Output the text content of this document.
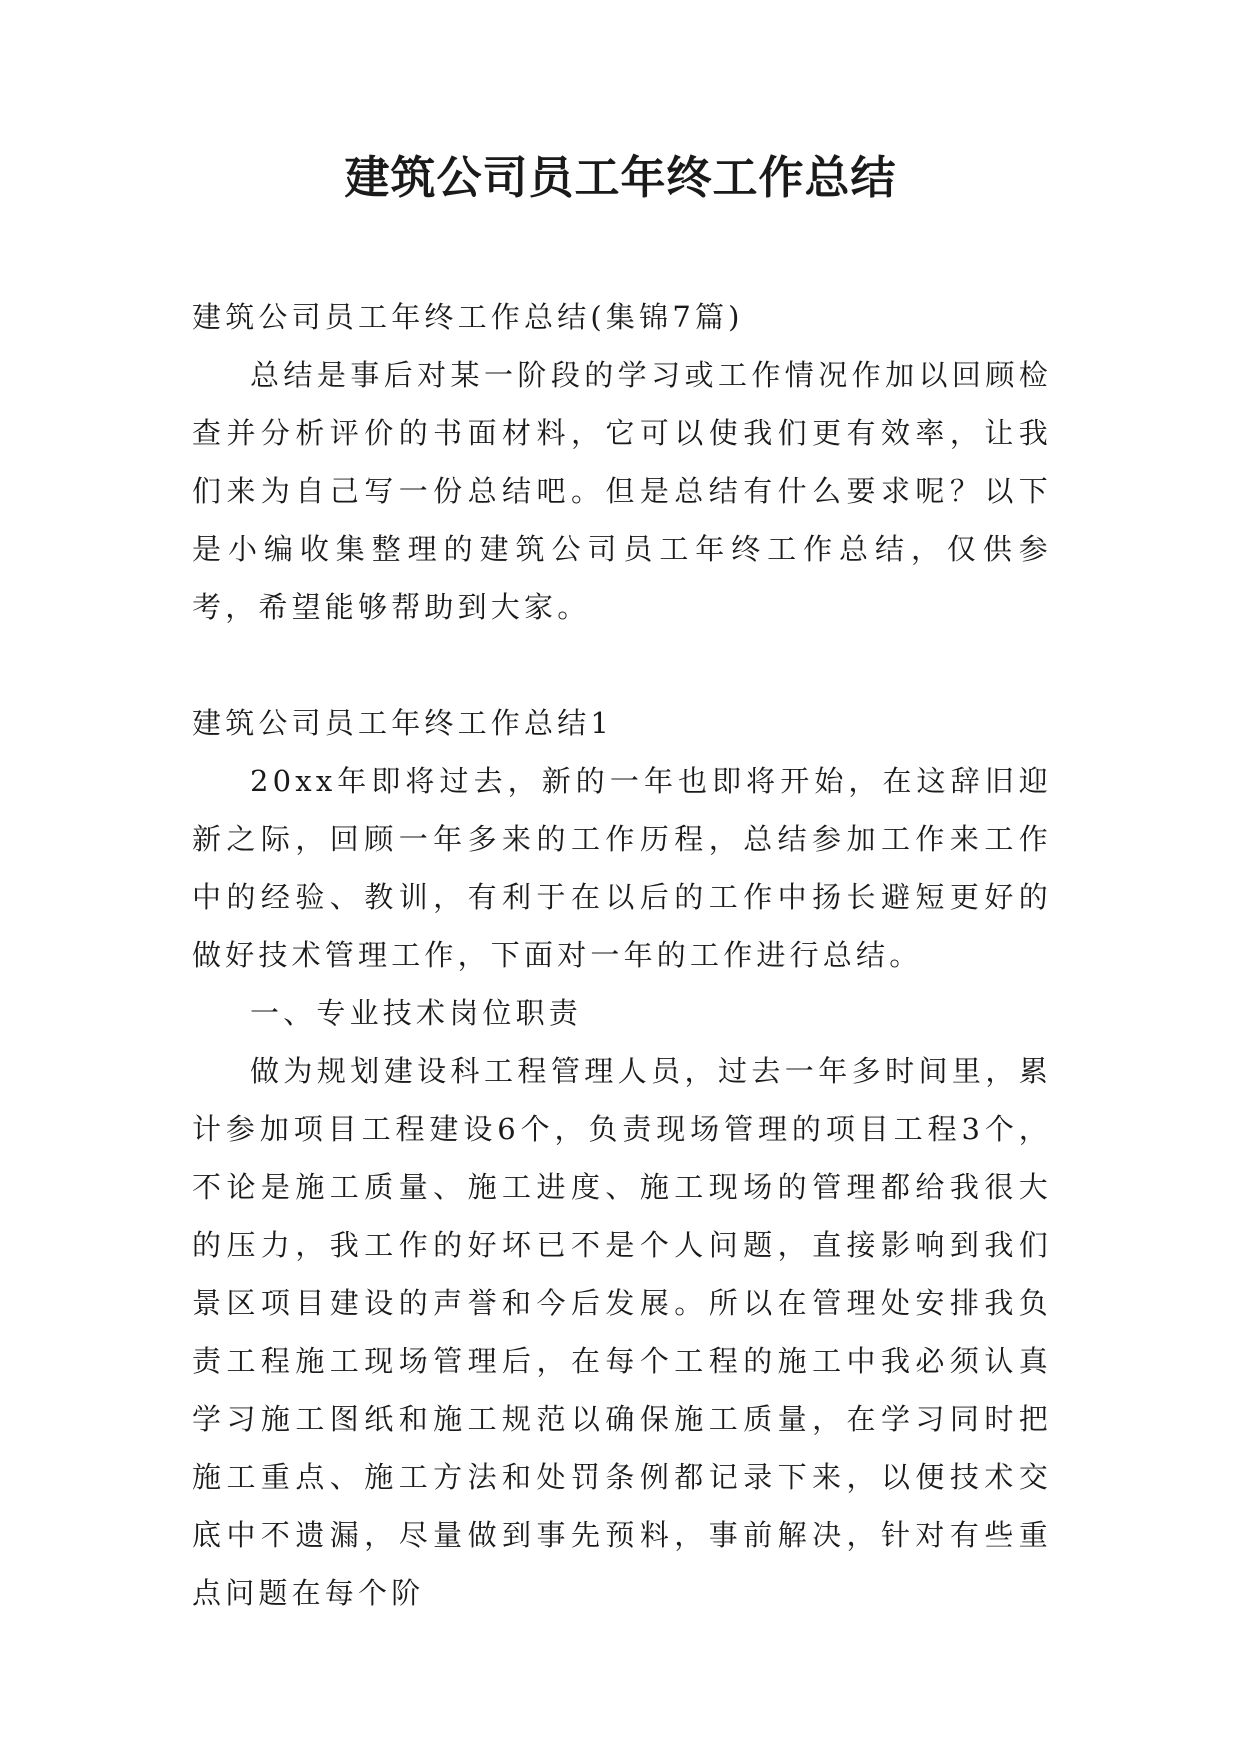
建筑公司员工年终工作总结

建筑公司员工年终工作总结(集锦7篇)

总结是事后对某一阶段的学习或工作情况作加以回顾检查并分析评价的书面材料，它可以使我们更有效率，让我们来为自己写一份总结吧。但是总结有什么要求呢？以下是小编收集整理的建筑公司员工年终工作总结，仅供参考，希望能够帮助到大家。

建筑公司员工年终工作总结1

20xx年即将过去，新的一年也即将开始，在这辞旧迎新之际，回顾一年多来的工作历程，总结参加工作来工作中的经验、教训，有利于在以后的工作中扬长避短更好的做好技术管理工作，下面对一年的工作进行总结。

一、专业技术岗位职责

做为规划建设科工程管理人员，过去一年多时间里，累计参加项目工程建设6个，负责现场管理的项目工程3个，不论是施工质量、施工进度、施工现场的管理都给我很大的压力，我工作的好坏已不是个人问题，直接影响到我们景区项目建设的声誉和今后发展。所以在管理处安排我负责工程施工现场管理后，在每个工程的施工中我必须认真学习施工图纸和施工规范以确保施工质量，在学习同时把施工重点、施工方法和处罚条例都记录下来，以便技术交底中不遗漏，尽量做到事先预料，事前解决，针对有些重点问题在每个阶
